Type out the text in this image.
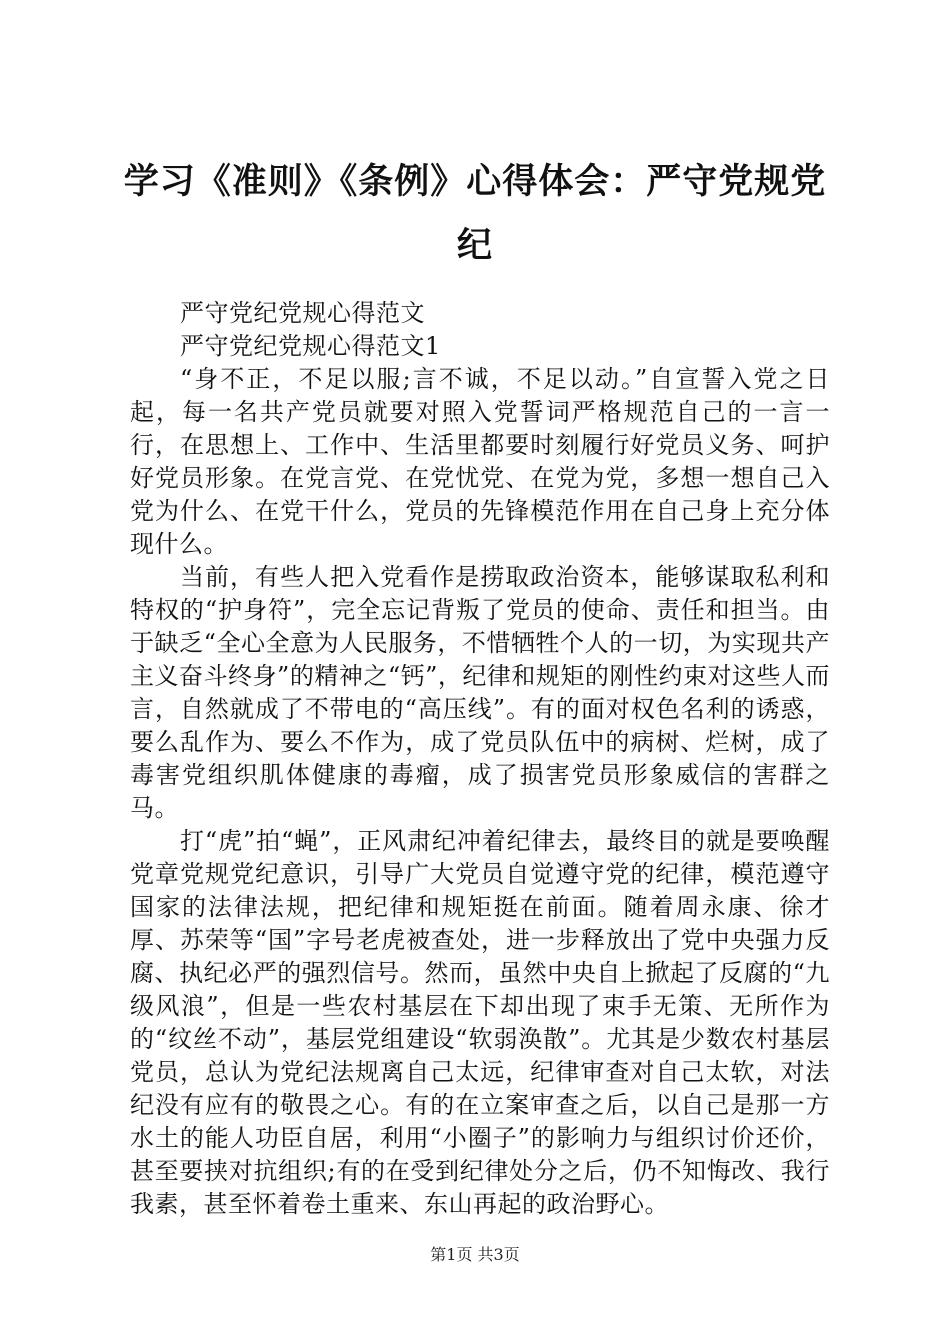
学习《准则》《条例》心得体会：严守党规党纪

严守党纪党规心得范文

严守党纪党规心得范文1

“身不正，不足以服;言不诚，不足以动。”自宣誓入党之日起，每一名共产党员就要对照入党誓词严格规范自己的一言一行，在思想上、工作中、生活里都要时刻履行好党员义务、呵护好党员形象。在党言党、在党忧党、在党为党，多想一想自己入党为什么、在党干什么，党员的先锋模范作用在自己身上充分体现什么。

当前，有些人把入党看作是捞取政治资本，能够谋取私利和特权的“护身符”，完全忘记背叛了党员的使命、责任和担当。由于缺乏“全心全意为人民服务，不惜牺牲个人的一切，为实现共产主义奋斗终身”的精神之“钙”，纪律和规矩的刚性约束对这些人而言，自然就成了不带电的“高压线”。有的面对权色名利的诱惑，要么乱作为、要么不作为，成了党员队伍中的病树、烂树，成了毒害党组织肌体健康的毒瘤，成了损害党员形象威信的害群之马。

打“虎”拍“蝇”，正风肃纪冲着纪律去，最终目的就是要唤醒党章党规党纪意识，引导广大党员自觉遵守党的纪律，模范遵守国家的法律法规，把纪律和规矩挺在前面。随着周永康、徐才厚、苏荣等“国”字号老虎被查处，进一步释放出了党中央强力反腐、执纪必严的强烈信号。然而，虽然中央自上掀起了反腐的“九级风浪”，但是一些农村基层在下却出现了束手无策、无所作为的“纹丝不动”，基层党组建设“软弱涣散”。尤其是少数农村基层党员，总认为党纪法规离自己太远，纪律审查对自己太软，对法纪没有应有的敬畏之心。有的在立案审查之后，以自己是那一方水土的能人功臣自居，利用“小圈子”的影响力与组织讨价还价，甚至要挟对抗组织;有的在受到纪律处分之后，仍不知悔改、我行我素，甚至怀着卷土重来、东山再起的政治野心。

第1页 共3页
